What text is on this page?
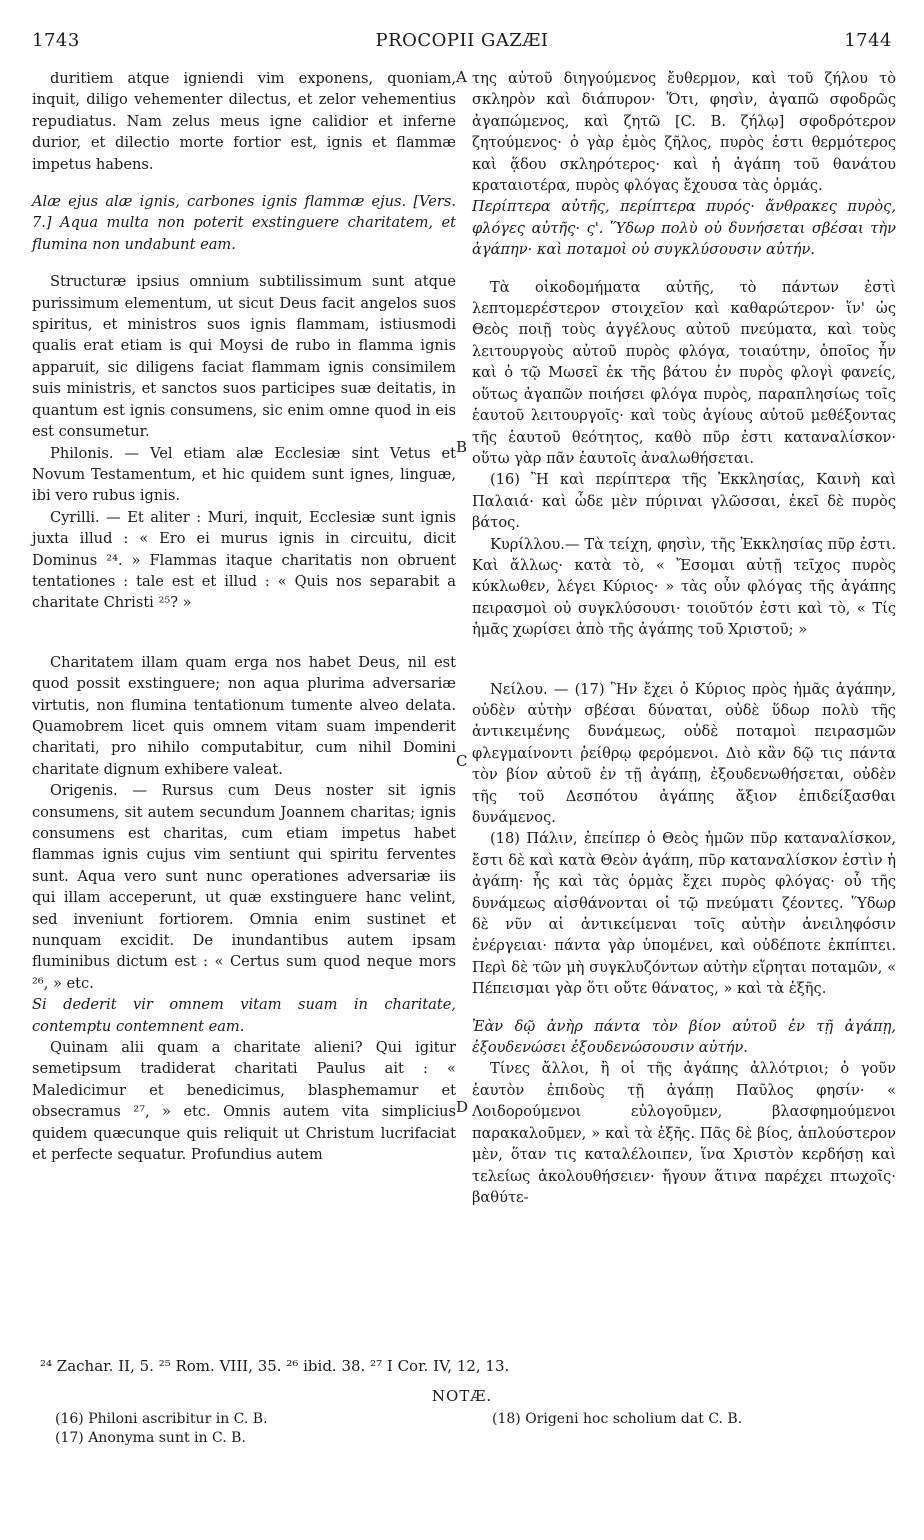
1743	PROCOPII GAZÆI	1744
A
B
C
D

duritiem atque igniendi vim exponens, quoniam, inquit, diligo vehementer dilectus, et zelor vehementius repudiatus. Nam zelus meus igne calidior et inferne durior, et dilectio morte fortior est, ignis et flammæ impetus habens.

Alæ ejus alæ ignis, carbones ignis flammæ ejus. [Vers. 7.] Aqua multa non poterit exstinguere charitatem, et flumina non undabunt eam.

Structuræ ipsius omnium subtilissimum sunt atque purissimum elementum, ut sicut Deus facit angelos suos spiritus, et ministros suos ignis flammam, istiusmodi qualis erat etiam is qui Moysi de rubo in flamma ignis apparuit, sic diligens faciat flammam ignis consimilem suis ministris, et sanctos suos participes suæ deitatis, in quantum est ignis consumens, sic enim omne quod in eis est consumetur.

Philonis. — Vel etiam alæ Ecclesiæ sint Vetus et Novum Testamentum, et hic quidem sunt ignes, linguæ, ibi vero rubus ignis.

Cyrilli. — Et aliter : Muri, inquit, Ecclesiæ sunt ignis juxta illud : « Ero ei murus ignis in circuitu, dicit Dominus ²⁴. » Flammas itaque charitatis non obruent tentationes : tale est et illud : « Quis nos separabit a charitate Christi ²⁵? »

Charitatem illam quam erga nos habet Deus, nil est quod possit exstinguere; non aqua plurima adversariæ virtutis, non flumina tentationum tumente alveo delata. Quamobrem licet quis omnem vitam suam impenderit charitati, pro nihilo computabitur, cum nihil Domini charitate dignum exhibere valeat.

Origenis. — Rursus cum Deus noster sit ignis consumens, sit autem secundum Joannem charitas; ignis consumens est charitas, cum etiam impetus habet flammas ignis cujus vim sentiunt qui spiritu ferventes sunt. Aqua vero sunt nunc operationes adversariæ iis qui illam acceperunt, ut quæ exstinguere hanc velint, sed inveniunt fortiorem. Omnia enim sustinet et nunquam excidit. De inundantibus autem ipsam fluminibus dictum est : « Certus sum quod neque mors ²⁶, » etc.

Si dederit vir omnem vitam suam in charitate, contemptu contemnent eam.

Quinam alii quam a charitate alieni? Qui igitur semetipsum tradiderat charitati Paulus ait : « Maledicimur et benedicimus, blasphemamur et obsecramus ²⁷, » etc. Omnis autem vita simplicius quidem quæcunque quis reliquit ut Christum lucrifaciat et perfecte sequatur. Profundius autem

της αὐτοῦ διηγούμενος ἔυθερμον, καὶ τοῦ ζήλου τὸ σκληρὸν καὶ διάπυρον· Ὅτι, φησὶν, ἀγαπῶ σφοδρῶς ἀγαπώμενος, καὶ ζητῶ [C. B. ζήλῳ] σφοδρότερον ζητούμενος· ὁ γὰρ ἐμὸς ζῆλος, πυρὸς ἐστι θερμότερος καὶ ᾅδου σκληρότερος· καὶ ἡ ἀγάπη τοῦ θανάτου κραταιοτέρα, πυρὸς φλόγας ἔχουσα τὰς ὁρμάς.

Περίπτερα αὐτῆς, περίπτερα πυρός· ἄνθρακες πυρὸς, φλόγες αὐτῆς· ς'. Ὕδωρ πολὺ οὐ δυνήσεται σβέσαι τὴν ἀγάπην· καὶ ποταμοὶ οὐ συγκλύσουσιν αὐτήν.

Τὰ οἰκοδομήματα αὐτῆς, τὸ πάντων ἐστὶ λεπτομερέστερον στοιχεῖον καὶ καθαρώτερον· ἵν' ὡς Θεὸς ποιῇ τοὺς ἀγγέλους αὐτοῦ πνεύματα, καὶ τοὺς λειτουργοὺς αὐτοῦ πυρὸς φλόγα, τοιαύτην, ὁποῖος ἦν καὶ ὁ τῷ Μωσεῖ ἐκ τῆς βάτου ἐν πυρὸς φλογὶ φανείς, οὕτως ἀγαπῶν ποιήσει φλόγα πυρὸς, παραπλησίως τοῖς ἑαυτοῦ λειτουργοῖς· καὶ τοὺς ἁγίους αὐτοῦ μεθέξοντας τῆς ἑαυτοῦ θεότητος, καθὸ πῦρ ἐστι καταναλίσκον· οὕτω γὰρ πᾶν ἑαυτοῖς ἀναλωθήσεται.

(16) Ἢ καὶ περίπτερα τῆς Ἐκκλησίας, Καινὴ καὶ Παλαιά· καὶ ὧδε μὲν πύριναι γλῶσσαι, ἐκεῖ δὲ πυρὸς βάτος.

Κυρίλλου.— Τὰ τείχη, φησὶν, τῆς Ἐκκλησίας πῦρ ἐστι. Καὶ ἄλλως· κατὰ τὸ, « Ἔσομαι αὐτῇ τεῖχος πυρὸς κύκλωθεν, λέγει Κύριος· » τὰς οὖν φλόγας τῆς ἀγάπης πειρασμοὶ οὐ συγκλύσουσι· τοιοῦτόν ἐστι καὶ τὸ, « Τίς ἡμᾶς χωρίσει ἀπὸ τῆς ἀγάπης τοῦ Χριστοῦ; »

Νείλου. — (17) Ἣν ἔχει ὁ Κύριος πρὸς ἡμᾶς ἀγάπην, οὐδὲν αὐτὴν σβέσαι δύναται, οὐδὲ ὕδωρ πολὺ τῆς ἀντικειμένης δυνάμεως, οὐδὲ ποταμοὶ πειρασμῶν φλεγμαίνοντι ῥείθρῳ φερόμενοι. Διὸ κἂν δῷ τις πάντα τὸν βίον αὐτοῦ ἐν τῇ ἀγάπῃ, ἐξουδενωθήσεται, οὐδὲν τῆς τοῦ Δεσπότου ἀγάπης ἄξιον ἐπιδείξασθαι δυνάμενος.

(18) Πάλιν, ἐπείπερ ὁ Θεὸς ἡμῶν πῦρ καταναλίσκον, ἔστι δὲ καὶ κατὰ Θεὸν ἀγάπη, πῦρ καταναλίσκον ἐστὶν ἡ ἀγάπη· ἧς καὶ τὰς ὁρμὰς ἔχει πυρὸς φλόγας· οὗ τῆς δυνάμεως αἰσθάνονται οἱ τῷ πνεύματι ζέοντες. Ὕδωρ δὲ νῦν αἱ ἀντικείμεναι τοῖς αὐτὴν ἀνειληφόσιν ἐνέργειαι· πάντα γὰρ ὑπομένει, καὶ οὐδέποτε ἐκπίπτει. Περὶ δὲ τῶν μὴ συγκλυζόντων αὐτὴν εἴρηται ποταμῶν, « Πέπεισμαι γὰρ ὅτι οὔτε θάνατος, » καὶ τὰ ἑξῆς.

Ἐὰν δῷ ἀνὴρ πάντα τὸν βίον αὐτοῦ ἐν τῇ ἀγάπῃ, ἐξουδενώσει ἐξουδενώσουσιν αὐτήν.

Τίνες ἄλλοι, ἢ οἱ τῆς ἀγάπης ἀλλότριοι; ὁ γοῦν ἑαυτὸν ἐπιδοὺς τῇ ἀγάπῃ Παῦλος φησίν· « Λοιδορούμενοι εὐλογοῦμεν, βλασφημούμενοι παρακαλοῦμεν, » καὶ τὰ ἑξῆς. Πᾶς δὲ βίος, ἁπλούστερον μὲν, ὅταν τις καταλέλοιπεν, ἵνα Χριστὸν κερδήσῃ καὶ τελείως ἀκολουθήσειεν· ἤγουν ἅτινα παρέχει πτωχοῖς· βαθύτε-

²⁴ Zachar. II, 5. ²⁵ Rom. VIII, 35. ²⁶ ibid. 38. ²⁷ I Cor. IV, 12, 13.
NOTÆ.
(16) Philoni ascribitur in C. B.
(17) Anonyma sunt in C. B.
(18) Origeni hoc scholium dat C. B.
